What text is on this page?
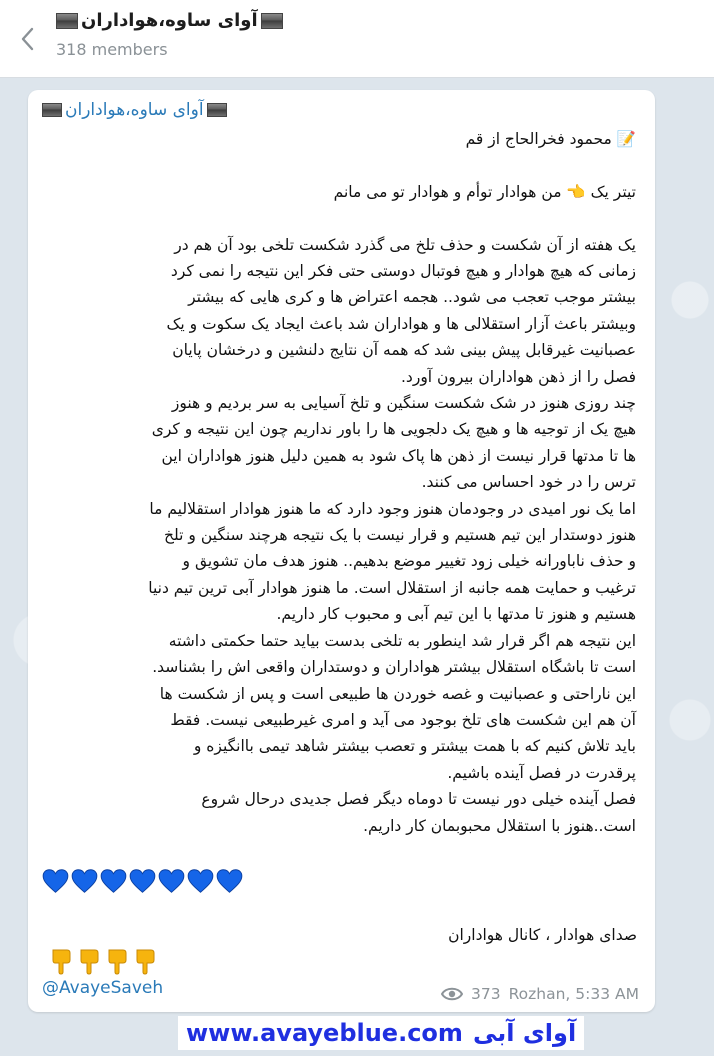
آوای ساوه،هواداران
318 members
آوای ساوه،هواداران
📝 محمود فخرالحاج از قم
تیتر یک 👈 من هوادار توأم و هوادار تو می مانم
یک هفته از آن شکست و حذف تلخ می گذرد شکست تلخی بود آن هم در
زمانی که هیچ هوادار و هیچ فوتبال دوستی حتی فکر این نتیجه را نمی کرد
بیشتر موجب تعجب می شود.. هجمه اعتراض ها و کری هایی که بیشتر
وبیشتر باعث آزار استقلالی ها و هواداران شد باعث ایجاد یک سکوت و یک
عصبانیت غیرقابل پیش بینی شد که همه آن نتایج دلنشین و درخشان پایان
فصل را از ذهن هواداران بیرون آورد.
چند روزی هنوز در شک شکست سنگین و تلخ آسیایی به سر بردیم و هنوز
هیچ یک از توجیه ها و هیچ یک دلجویی ها را باور نداریم چون این نتیجه و کری
ها تا مدتها قرار نیست از ذهن ها پاک شود به همین دلیل هنوز هواداران این
ترس را در خود احساس می کنند.
اما یک نور امیدی در وجودمان هنوز وجود دارد که ما هنوز هوادار استقلالیم ما
هنوز دوستدار این تیم هستیم و قرار نیست با یک نتیجه هرچند سنگین و تلخ
و حذف ناباورانه خیلی زود تغییر موضع بدهیم.. هنوز هدف مان تشویق و
ترغیب و حمایت همه جانبه از استقلال است. ما هنوز هوادار آبی ترین تیم دنیا
هستیم و هنوز تا مدتها با این تیم آبی و محبوب کار داریم.
این نتیجه هم اگر قرار شد اینطور به تلخی بدست بیاید حتما حکمتی داشته
است تا باشگاه استقلال بیشتر هواداران و دوستداران واقعی اش را بشناسد.
این ناراحتی و عصبانیت و غصه خوردن ها طبیعی است و پس از شکست ها
آن هم این شکست های تلخ بوجود می آید و امری غیرطبیعی نیست. فقط
باید تلاش کنیم که با همت بیشتر و تعصب بیشتر شاهد تیمی باانگیزه و
پرقدرت در فصل آینده باشیم.
فصل آینده خیلی دور نیست تا دوماه دیگر فصل جدیدی درحال شروع
است..هنوز با استقلال محبوبمان کار داریم.
صدای هوادار ، کانال هواداران
@AvayeSaveh	373 Rozhan, 5:33 AM
www.avayeblue.com آوای آبی
